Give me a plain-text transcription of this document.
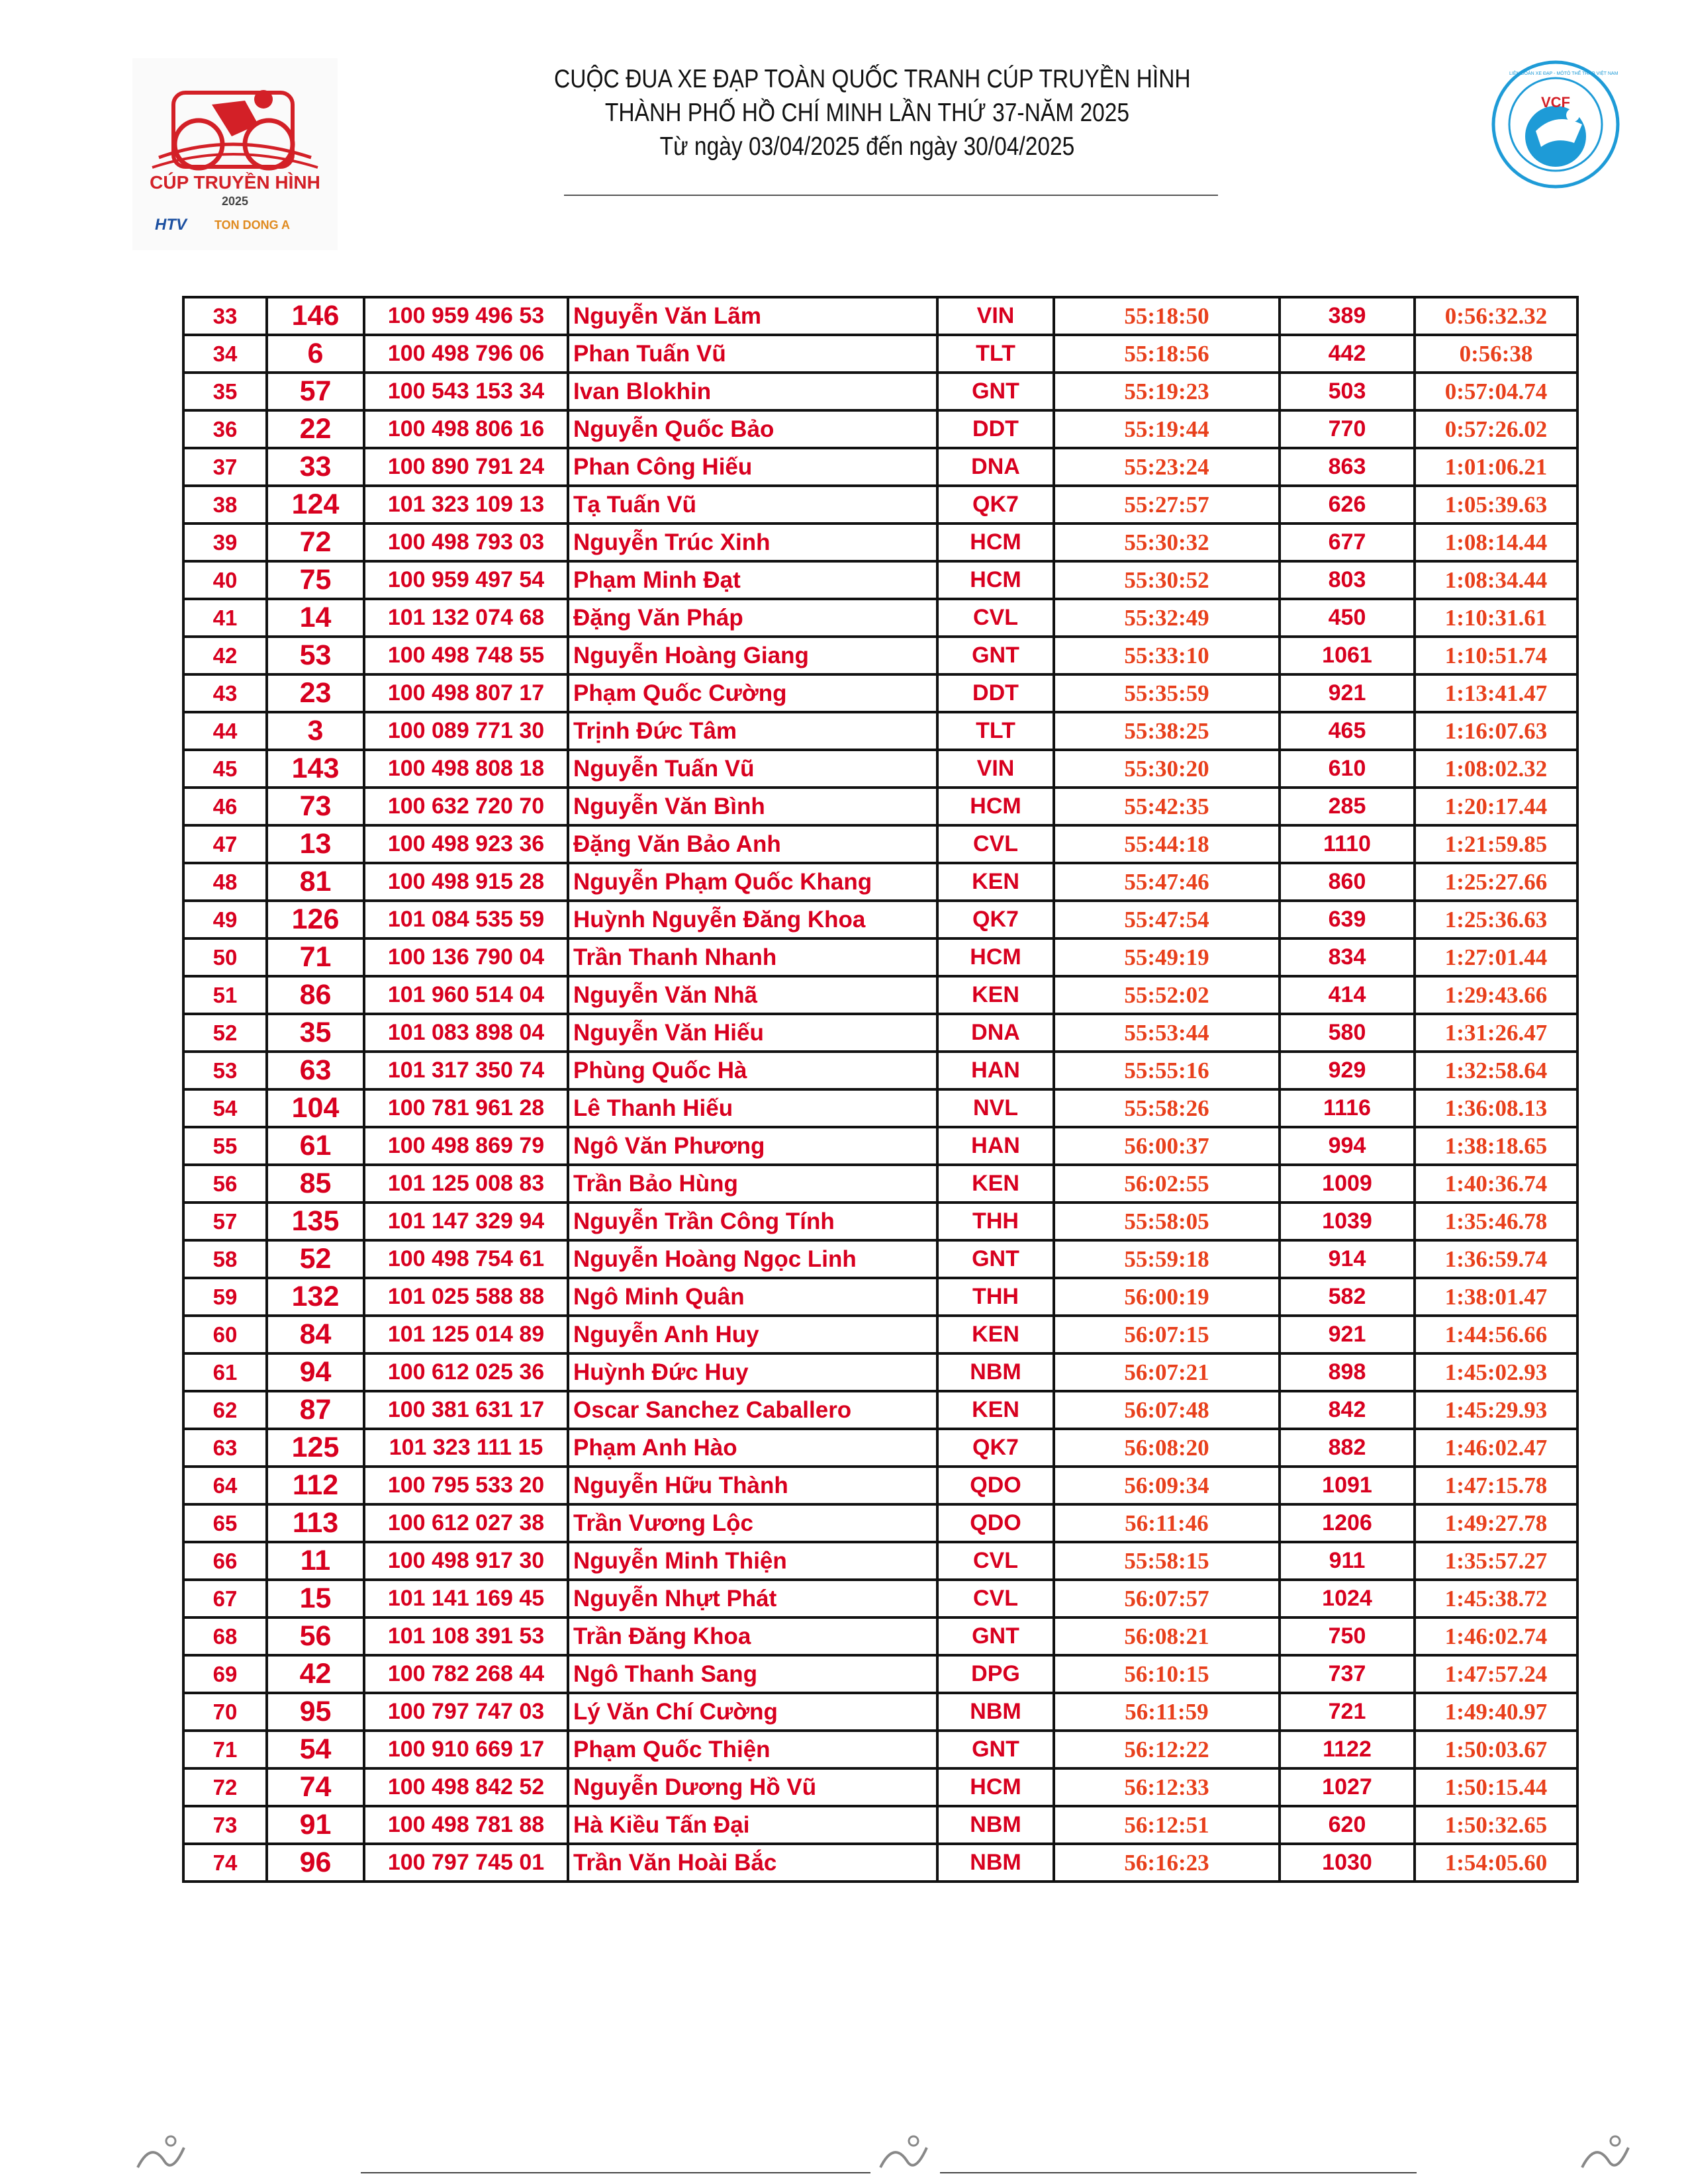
CÚP TRUYỀN HÌNH
2025
HTV TON DONG A
CUỘC ĐUA XE ĐẠP TOÀN QUỐC TRANH CÚP TRUYỀN HÌNH
THÀNH PHỐ HỒ CHÍ MINH LẦN THỨ 37-NĂM 2025
Từ ngày 03/04/2025 đến ngày 30/04/2025
VCF
LIÊN ĐOÀN XE ĐẠP - MÔTÔ THỂ THAO VIỆT NAM
33	146	100 959 496 53	Nguyễn Văn Lãm	VIN	55:18:50	389	0:56:32.32
34	6	100 498 796 06	Phan Tuấn Vũ	TLT	55:18:56	442	0:56:38
35	57	100 543 153 34	Ivan Blokhin	GNT	55:19:23	503	0:57:04.74
36	22	100 498 806 16	Nguyễn Quốc Bảo	DDT	55:19:44	770	0:57:26.02
37	33	100 890 791 24	Phan Công Hiếu	DNA	55:23:24	863	1:01:06.21
38	124	101 323 109 13	Tạ Tuấn Vũ	QK7	55:27:57	626	1:05:39.63
39	72	100 498 793 03	Nguyễn Trúc Xinh	HCM	55:30:32	677	1:08:14.44
40	75	100 959 497 54	Phạm Minh Đạt	HCM	55:30:52	803	1:08:34.44
41	14	101 132 074 68	Đặng Văn Pháp	CVL	55:32:49	450	1:10:31.61
42	53	100 498 748 55	Nguyễn Hoàng Giang	GNT	55:33:10	1061	1:10:51.74
43	23	100 498 807 17	Phạm Quốc Cường	DDT	55:35:59	921	1:13:41.47
44	3	100 089 771 30	Trịnh Đức Tâm	TLT	55:38:25	465	1:16:07.63
45	143	100 498 808 18	Nguyễn Tuấn Vũ	VIN	55:30:20	610	1:08:02.32
46	73	100 632 720 70	Nguyễn Văn Bình	HCM	55:42:35	285	1:20:17.44
47	13	100 498 923 36	Đặng Văn Bảo Anh	CVL	55:44:18	1110	1:21:59.85
48	81	100 498 915 28	Nguyễn Phạm Quốc Khang	KEN	55:47:46	860	1:25:27.66
49	126	101 084 535 59	Huỳnh Nguyễn Đăng Khoa	QK7	55:47:54	639	1:25:36.63
50	71	100 136 790 04	Trần Thanh Nhanh	HCM	55:49:19	834	1:27:01.44
51	86	101 960 514 04	Nguyễn Văn Nhã	KEN	55:52:02	414	1:29:43.66
52	35	101 083 898 04	Nguyễn Văn Hiếu	DNA	55:53:44	580	1:31:26.47
53	63	101 317 350 74	Phùng Quốc Hà	HAN	55:55:16	929	1:32:58.64
54	104	100 781 961 28	Lê Thanh Hiếu	NVL	55:58:26	1116	1:36:08.13
55	61	100 498 869 79	Ngô Văn Phương	HAN	56:00:37	994	1:38:18.65
56	85	101 125 008 83	Trần Bảo Hùng	KEN	56:02:55	1009	1:40:36.74
57	135	101 147 329 94	Nguyễn Trần Công Tính	THH	55:58:05	1039	1:35:46.78
58	52	100 498 754 61	Nguyễn Hoàng Ngọc Linh	GNT	55:59:18	914	1:36:59.74
59	132	101 025 588 88	Ngô Minh Quân	THH	56:00:19	582	1:38:01.47
60	84	101 125 014 89	Nguyễn Anh Huy	KEN	56:07:15	921	1:44:56.66
61	94	100 612 025 36	Huỳnh Đức Huy	NBM	56:07:21	898	1:45:02.93
62	87	100 381 631 17	Oscar Sanchez Caballero	KEN	56:07:48	842	1:45:29.93
63	125	101 323 111 15	Phạm Anh Hào	QK7	56:08:20	882	1:46:02.47
64	112	100 795 533 20	Nguyễn Hữu Thành	QDO	56:09:34	1091	1:47:15.78
65	113	100 612 027 38	Trần Vương Lộc	QDO	56:11:46	1206	1:49:27.78
66	11	100 498 917 30	Nguyễn Minh Thiện	CVL	55:58:15	911	1:35:57.27
67	15	101 141 169 45	Nguyễn Nhựt Phát	CVL	56:07:57	1024	1:45:38.72
68	56	101 108 391 53	Trần Đăng Khoa	GNT	56:08:21	750	1:46:02.74
69	42	100 782 268 44	Ngô Thanh Sang	DPG	56:10:15	737	1:47:57.24
70	95	100 797 747 03	Lý Văn Chí Cường	NBM	56:11:59	721	1:49:40.97
71	54	100 910 669 17	Phạm Quốc Thiện	GNT	56:12:22	1122	1:50:03.67
72	74	100 498 842 52	Nguyễn Dương Hồ Vũ	HCM	56:12:33	1027	1:50:15.44
73	91	100 498 781 88	Hà Kiều Tấn Đại	NBM	56:12:51	620	1:50:32.65
74	96	100 797 745 01	Trần Văn Hoài Bắc	NBM	56:16:23	1030	1:54:05.60
